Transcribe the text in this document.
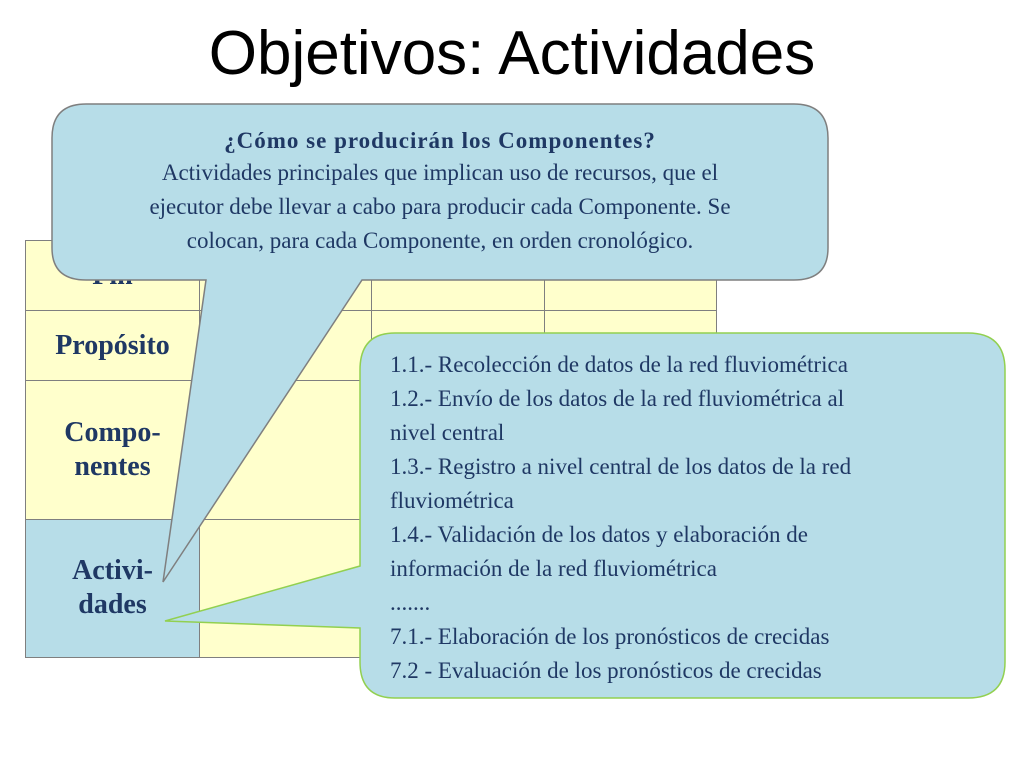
Objetivos: Actividades

Propósito			
Compo-
nentes			
Activi-
dades			
¿Cómo se producirán los Componentes?
Actividades principales que implican uso de recursos, que el
ejecutor debe llevar a cabo para producir cada Componente. Se
colocan, para cada Componente, en orden cronológico.
1.1.- Recolección de datos de la red fluviométrica
1.2.- Envío de los datos de la red fluviométrica al
nivel central
1.3.- Registro a nivel central de los datos de la red
fluviométrica
1.4.- Validación de los datos y elaboración de
información de la red fluviométrica
.......
7.1.- Elaboración de los pronósticos de crecidas
7.2 - Evaluación de los pronósticos de crecidas
